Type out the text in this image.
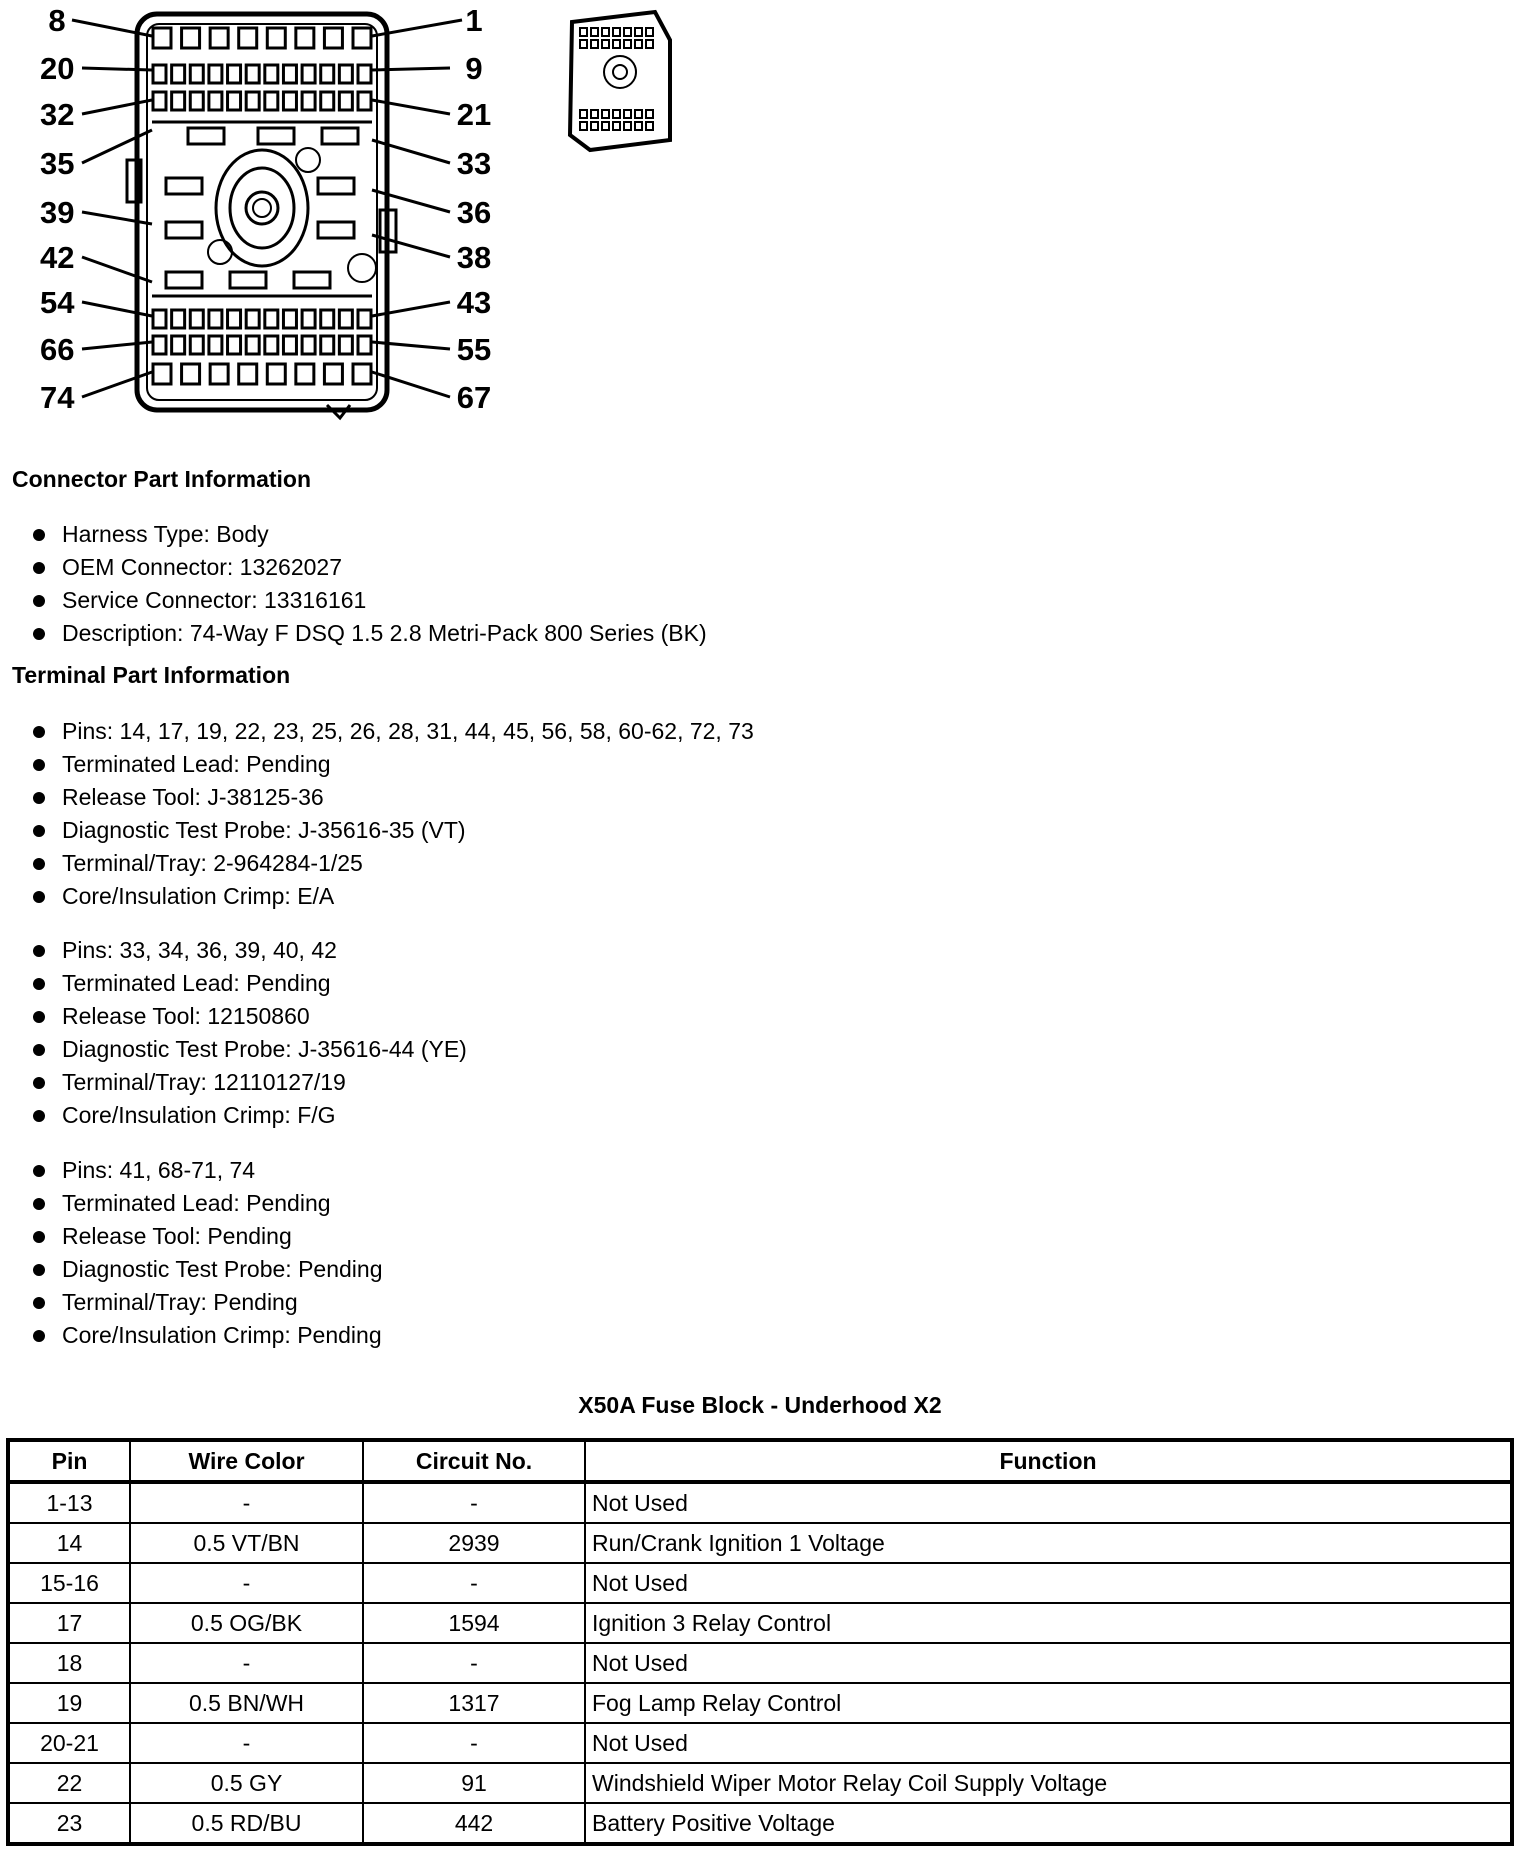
8
20
32
35
39
42
54
66
74
1
9
21
33
36
38
43
55
67
Connector Part Information
Harness Type: Body
OEM Connector: 13262027
Service Connector: 13316161
Description: 74-Way F DSQ 1.5 2.8 Metri-Pack 800 Series (BK)
Terminal Part Information
Pins: 14, 17, 19, 22, 23, 25, 26, 28, 31, 44, 45, 56, 58, 60-62, 72, 73
Terminated Lead: Pending
Release Tool: J-38125-36
Diagnostic Test Probe: J-35616-35 (VT)
Terminal/Tray: 2-964284-1/25
Core/Insulation Crimp: E/A
Pins: 33, 34, 36, 39, 40, 42
Terminated Lead: Pending
Release Tool: 12150860
Diagnostic Test Probe: J-35616-44 (YE)
Terminal/Tray: 12110127/19
Core/Insulation Crimp: F/G
Pins: 41, 68-71, 74
Terminated Lead: Pending
Release Tool: Pending
Diagnostic Test Probe: Pending
Terminal/Tray: Pending
Core/Insulation Crimp: Pending
X50A Fuse Block - Underhood X2
Pin	Wire Color	Circuit No.	Function
1-13	-	-	Not Used
14	0.5 VT/BN	2939	Run/Crank Ignition 1 Voltage
15-16	-	-	Not Used
17	0.5 OG/BK	1594	Ignition 3 Relay Control
18	-	-	Not Used
19	0.5 BN/WH	1317	Fog Lamp Relay Control
20-21	-	-	Not Used
22	0.5 GY	91	Windshield Wiper Motor Relay Coil Supply Voltage
23	0.5 RD/BU	442	Battery Positive Voltage
